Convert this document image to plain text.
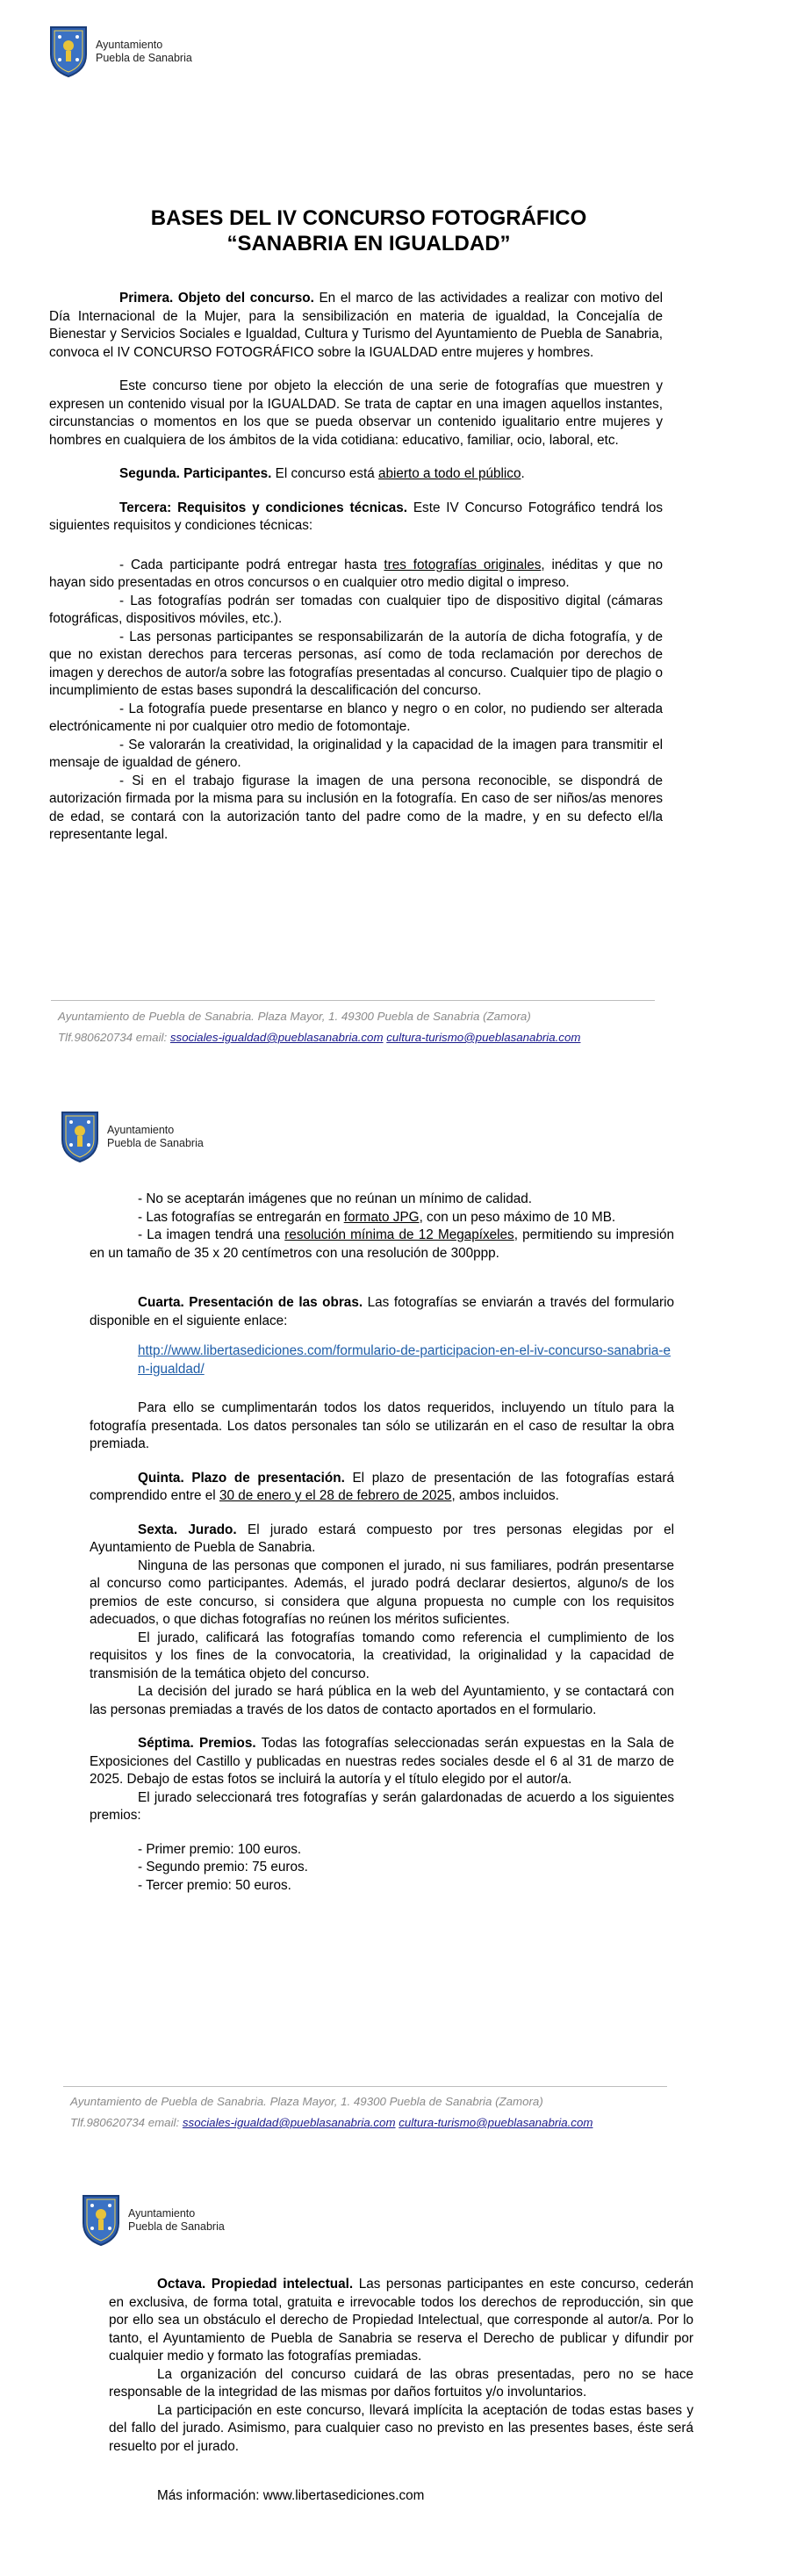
Ayuntamiento
Puebla de Sanabria
BASES DEL IV CONCURSO FOTOGRÁFICO
“SANABRIA EN IGUALDAD”

Primera. Objeto del concurso. En el marco de las actividades a realizar con motivo del Día Internacional de la Mujer, para la sensibilización en materia de igualdad, la Concejalía de Bienestar y Servicios Sociales e Igualdad, Cultura y Turismo del Ayuntamiento de Puebla de Sanabria, convoca el IV CONCURSO FOTOGRÁFICO sobre la IGUALDAD entre mujeres y hombres.

Este concurso tiene por objeto la elección de una serie de fotografías que muestren y expresen un contenido visual por la IGUALDAD. Se trata de captar en una imagen aquellos instantes, circunstancias o momentos en los que se pueda observar un contenido igualitario entre mujeres y hombres en cualquiera de los ámbitos de la vida cotidiana: educativo, familiar, ocio, laboral, etc.

Segunda. Participantes. El concurso está abierto a todo el público.

Tercera: Requisitos y condiciones técnicas. Este IV Concurso Fotográfico tendrá los siguientes requisitos y condiciones técnicas:

- Cada participante podrá entregar hasta tres fotografías originales, inéditas y que no hayan sido presentadas en otros concursos o en cualquier otro medio digital o impreso.

- Las fotografías podrán ser tomadas con cualquier tipo de dispositivo digital (cámaras fotográficas, dispositivos móviles, etc.).

- Las personas participantes se responsabilizarán de la autoría de dicha fotografía, y de que no existan derechos para terceras personas, así como de toda reclamación por derechos de imagen y derechos de autor/a sobre las fotografías presentadas al concurso. Cualquier tipo de plagio o incumplimiento de estas bases supondrá la descalificación del concurso.

- La fotografía puede presentarse en blanco y negro o en color, no pudiendo ser alterada electrónicamente ni por cualquier otro medio de fotomontaje.

- Se valorarán la creatividad, la originalidad y la capacidad de la imagen para transmitir el mensaje de igualdad de género.

- Si en el trabajo figurase la imagen de una persona reconocible, se dispondrá de autorización firmada por la misma para su inclusión en la fotografía. En caso de ser niños/as menores de edad, se contará con la autorización tanto del padre como de la madre, y en su defecto el/la representante legal.

Ayuntamiento de Puebla de Sanabria. Plaza Mayor, 1. 49300 Puebla de Sanabria (Zamora)
Tlf.980620734 email: ssociales-igualdad@pueblasanabria.com cultura-turismo@pueblasanabria.com
Ayuntamiento
Puebla de Sanabria

- No se aceptarán imágenes que no reúnan un mínimo de calidad.

- Las fotografías se entregarán en formato JPG, con un peso máximo de 10 MB.

- La imagen tendrá una resolución mínima de 12 Megapíxeles, permitiendo su impresión en un tamaño de 35 x 20 centímetros con una resolución de 300ppp.

Cuarta. Presentación de las obras. Las fotografías se enviarán a través del formulario disponible en el siguiente enlace:

http://www.libertasediciones.com/formulario-de-participacion-en-el-iv-concurso-sanabria-en-igualdad/

Para ello se cumplimentarán todos los datos requeridos, incluyendo un título para la fotografía presentada. Los datos personales tan sólo se utilizarán en el caso de resultar la obra premiada.

Quinta. Plazo de presentación. El plazo de presentación de las fotografías estará comprendido entre el 30 de enero y el 28 de febrero de 2025, ambos incluidos.

Sexta. Jurado. El jurado estará compuesto por tres personas elegidas por el Ayuntamiento de Puebla de Sanabria.

Ninguna de las personas que componen el jurado, ni sus familiares, podrán presentarse al concurso como participantes. Además, el jurado podrá declarar desiertos, alguno/s de los premios de este concurso, si considera que alguna propuesta no cumple con los requisitos adecuados, o que dichas fotografías no reúnen los méritos suficientes.

El jurado, calificará las fotografías tomando como referencia el cumplimiento de los requisitos y los fines de la convocatoria, la creatividad, la originalidad y la capacidad de transmisión de la temática objeto del concurso.

La decisión del jurado se hará pública en la web del Ayuntamiento, y se contactará con las personas premiadas a través de los datos de contacto aportados en el formulario.

Séptima. Premios. Todas las fotografías seleccionadas serán expuestas en la Sala de Exposiciones del Castillo y publicadas en nuestras redes sociales desde el 6 al 31 de marzo de 2025. Debajo de estas fotos se incluirá la autoría y el título elegido por el autor/a.

El jurado seleccionará tres fotografías y serán galardonadas de acuerdo a los siguientes premios:

- Primer premio: 100 euros.

- Segundo premio: 75 euros.

- Tercer premio: 50 euros.

Ayuntamiento de Puebla de Sanabria. Plaza Mayor, 1. 49300 Puebla de Sanabria (Zamora)
Tlf.980620734 email: ssociales-igualdad@pueblasanabria.com cultura-turismo@pueblasanabria.com
Ayuntamiento
Puebla de Sanabria

Octava. Propiedad intelectual. Las personas participantes en este concurso, cederán en exclusiva, de forma total, gratuita e irrevocable todos los derechos de reproducción, sin que por ello sea un obstáculo el derecho de Propiedad Intelectual, que corresponde al autor/a. Por lo tanto, el Ayuntamiento de Puebla de Sanabria se reserva el Derecho de publicar y difundir por cualquier medio y formato las fotografías premiadas.

La organización del concurso cuidará de las obras presentadas, pero no se hace responsable de la integridad de las mismas por daños fortuitos y/o involuntarios.

La participación en este concurso, llevará implícita la aceptación de todas estas bases y del fallo del jurado. Asimismo, para cualquier caso no previsto en las presentes bases, éste será resuelto por el jurado.

Más información: www.libertasediciones.com
